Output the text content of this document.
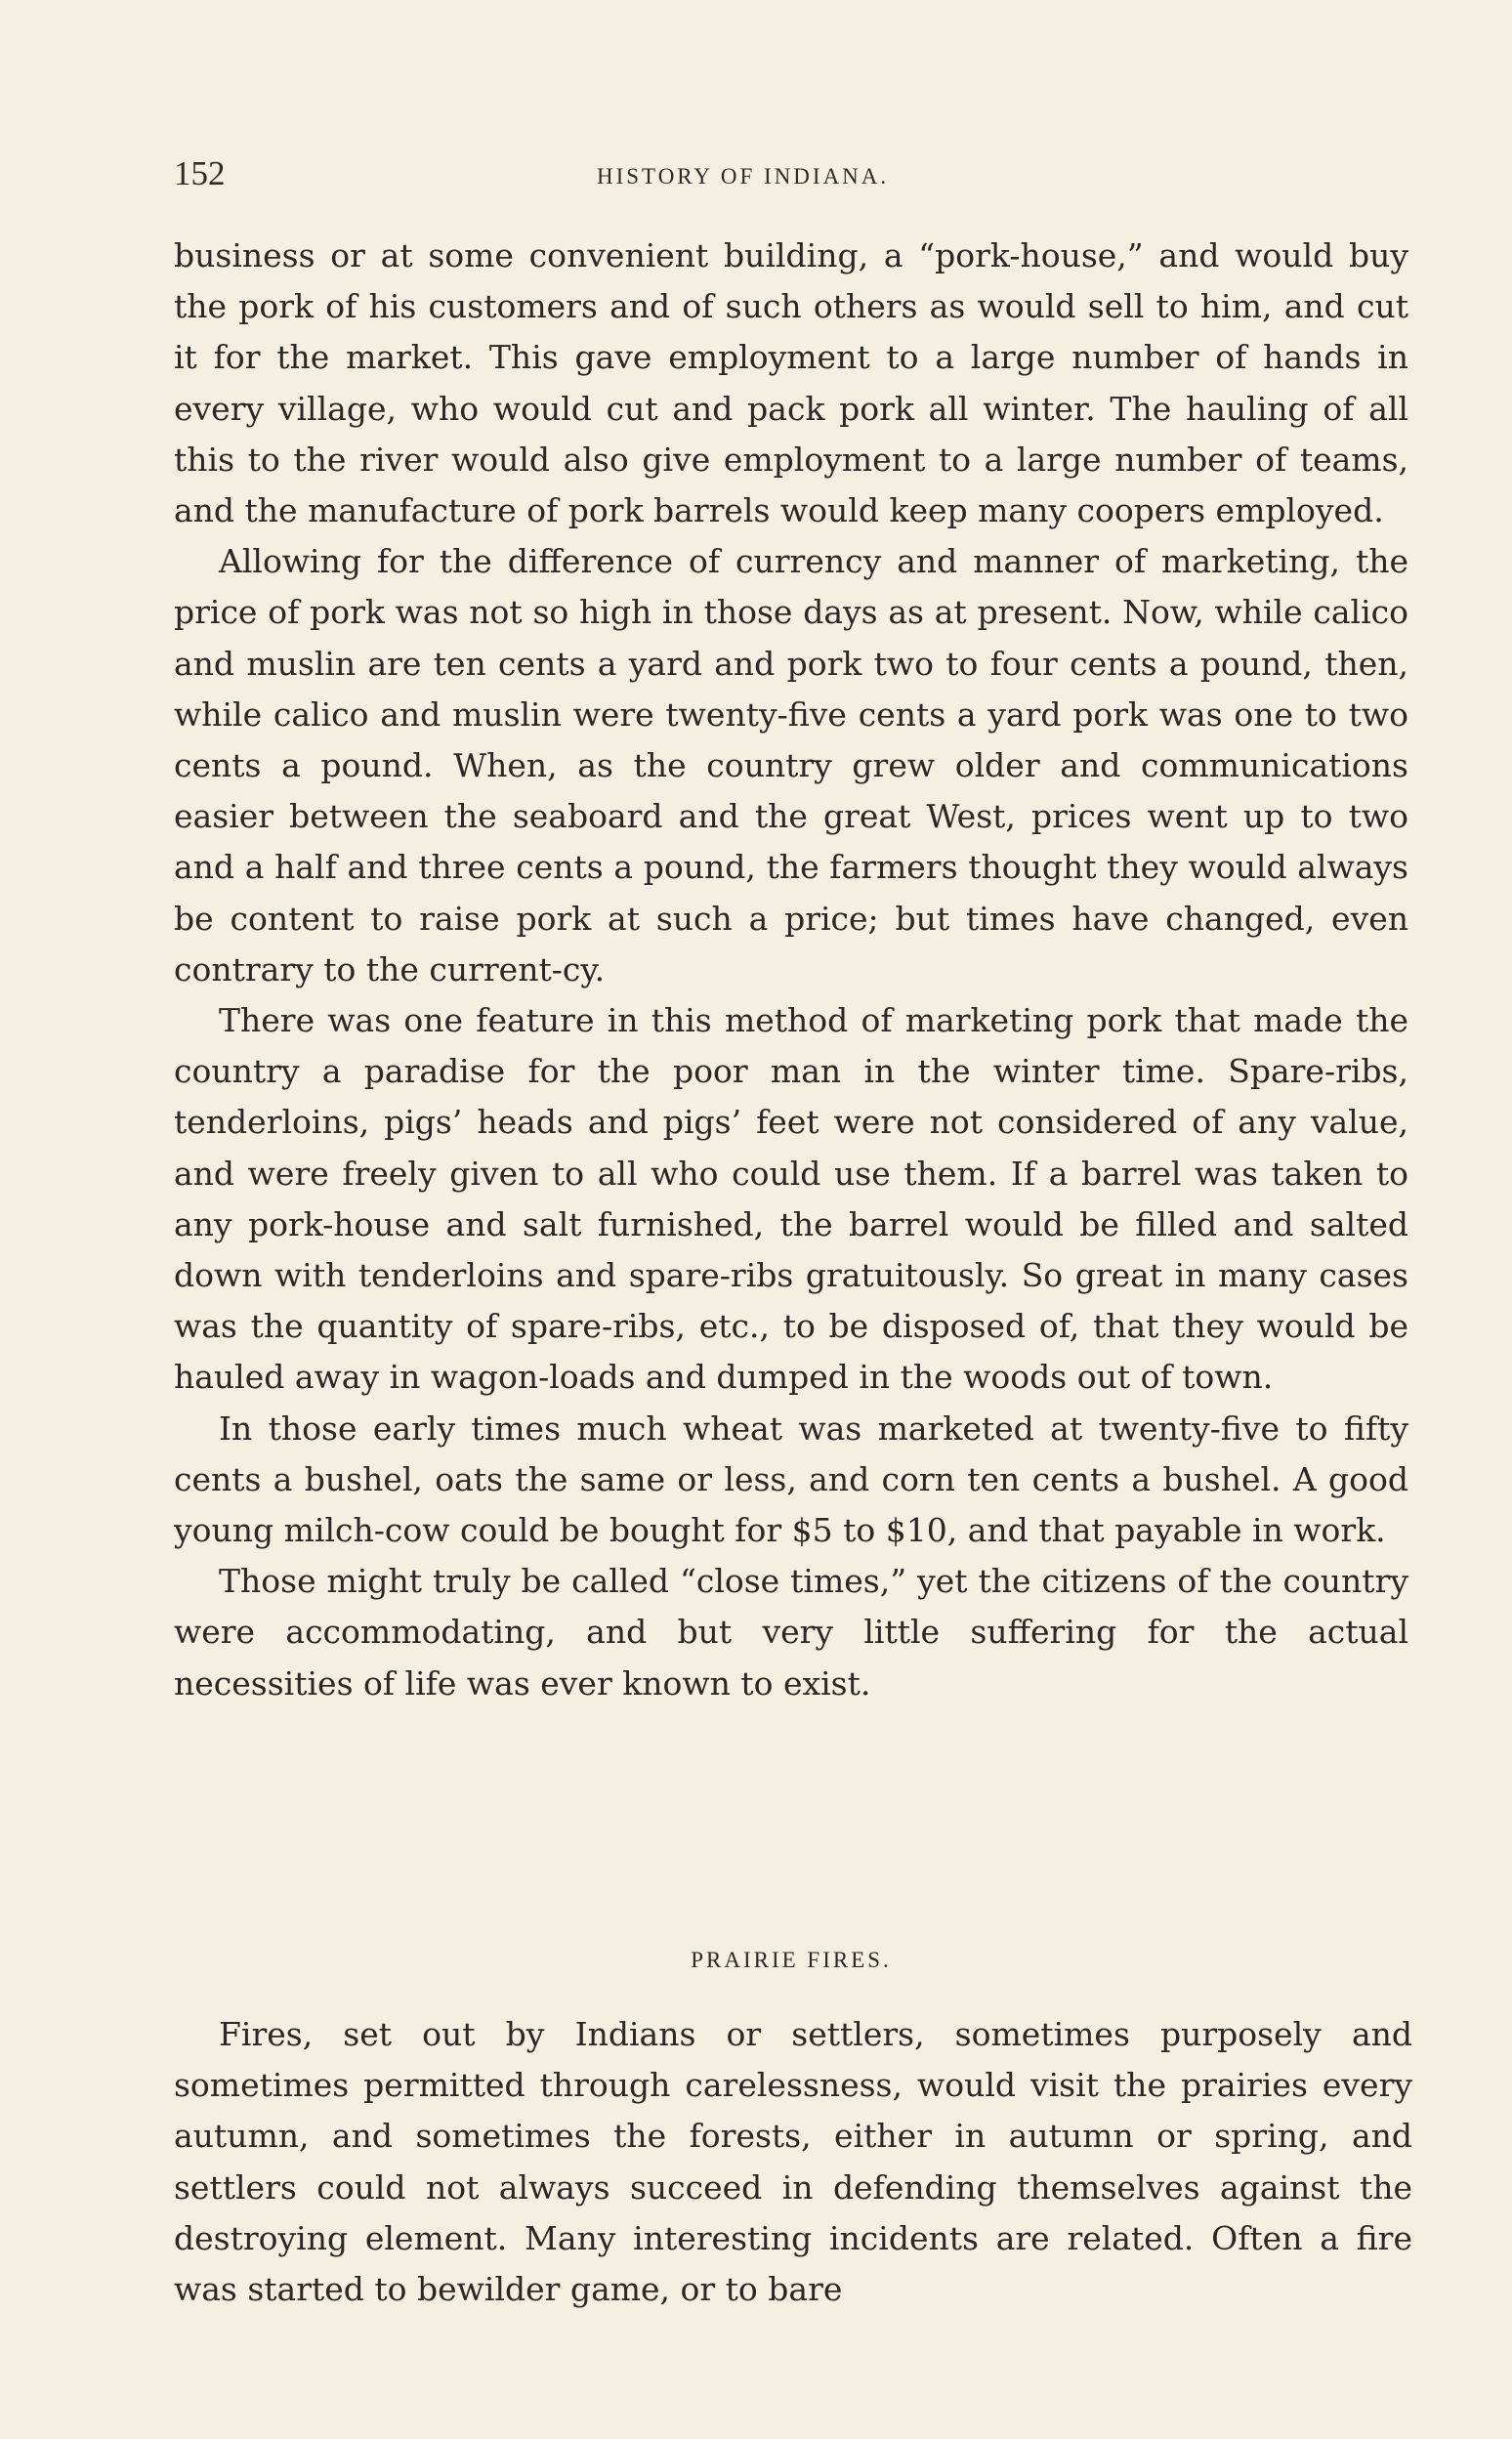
152	HISTORY OF INDIANA.

business or at some convenient building, a “pork-house,” and would buy the pork of his customers and of such others as would sell to him, and cut it for the market. This gave employment to a large number of hands in every village, who would cut and pack pork all winter. The hauling of all this to the river would also give employment to a large number of teams, and the manufacture of pork barrels would keep many coopers employed.

Allowing for the difference of currency and manner of marketing, the price of pork was not so high in those days as at present. Now, while calico and muslin are ten cents a yard and pork two to four cents a pound, then, while calico and muslin were twenty-five cents a yard pork was one to two cents a pound. When, as the country grew older and communications easier between the seaboard and the great West, prices went up to two and a half and three cents a pound, the farmers thought they would always be content to raise pork at such a price; but times have changed, even contrary to the current-cy.

There was one feature in this method of marketing pork that made the country a paradise for the poor man in the winter time. Spare-ribs, tenderloins, pigs’ heads and pigs’ feet were not considered of any value, and were freely given to all who could use them. If a barrel was taken to any pork-house and salt furnished, the barrel would be filled and salted down with tenderloins and spare-ribs gratuitously. So great in many cases was the quantity of spare-ribs, etc., to be disposed of, that they would be hauled away in wagon-loads and dumped in the woods out of town.

In those early times much wheat was marketed at twenty-five to fifty cents a bushel, oats the same or less, and corn ten cents a bushel. A good young milch-cow could be bought for $5 to $10, and that payable in work.

Those might truly be called “close times,” yet the citizens of the country were accommodating, and but very little suffering for the actual necessities of life was ever known to exist.

PRAIRIE FIRES.

Fires, set out by Indians or settlers, sometimes purposely and sometimes permitted through carelessness, would visit the prairies every autumn, and sometimes the forests, either in autumn or spring, and settlers could not always succeed in defending themselves against the destroying element. Many interesting incidents are related. Often a fire was started to bewilder game, or to bare
